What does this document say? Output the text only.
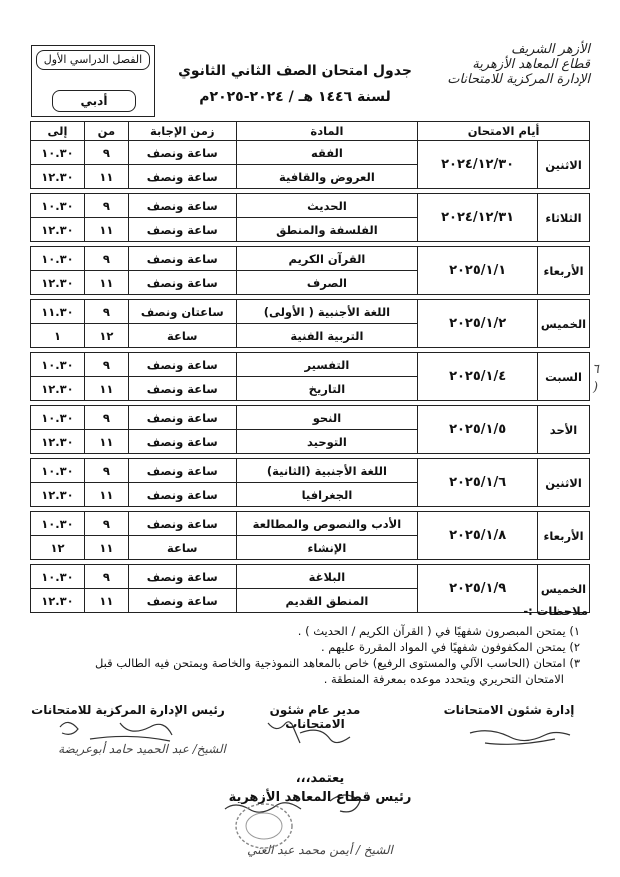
الأزهر الشريف
قطاع المعاهد الأزهرية
الإدارة المركزية للامتحانات
جدول امتحان الصف الثاني الثانوي
لسنة ١٤٤٦ هـ / ٢٠٢٤-٢٠٢٥م
الفصل الدراسي الأول
أدبي
أيام الامتحان		المادة	زمن الإجابة	من	إلى
الاثنين	٢٠٢٤/١٢/٣٠	الفقه	ساعة ونصف	٩	١٠.٣٠
		العروض والقافية	ساعة ونصف	١١	١٢.٣٠

الثلاثاء	٢٠٢٤/١٢/٣١	الحديث	ساعة ونصف	٩	١٠.٣٠
		الفلسفة والمنطق	ساعة ونصف	١١	١٢.٣٠

الأربعاء	٢٠٢٥/١/١	القرآن الكريم	ساعة ونصف	٩	١٠.٣٠
		الصرف	ساعة ونصف	١١	١٢.٣٠

الخميس	٢٠٢٥/١/٢	اللغة الأجنبية ( الأولى)	ساعتان ونصف	٩	١١.٣٠
		التربية الفنية	ساعة	١٢	١

السبت	٢٠٢٥/١/٤	التفسير	ساعة ونصف	٩	١٠.٣٠
		التاريخ	ساعة ونصف	١١	١٢.٣٠

الأحد	٢٠٢٥/١/٥	النحو	ساعة ونصف	٩	١٠.٣٠
		التوحيد	ساعة ونصف	١١	١٢.٣٠

الاثنين	٢٠٢٥/١/٦	اللغة الأجنبية (الثانية)	ساعة ونصف	٩	١٠.٣٠
		الجغرافيا	ساعة ونصف	١١	١٢.٣٠

الأربعاء	٢٠٢٥/١/٨	الأدب والنصوص والمطالعة	ساعة ونصف	٩	١٠.٣٠
		الإنشاء	ساعة	١١	١٢

الخميس	٢٠٢٥/١/٩	البلاغة	ساعة ونصف	٩	١٠.٣٠
		المنطق القديم	ساعة ونصف	١١	١٢.٣٠
٦
(
ملاحظات :-
١) يمتحن المبصرون شفهيًا في ( القرآن الكريم / الحديث ) .
٢) يمتحن المكفوفون شفهيًا في المواد المقررة عليهم .
٣) امتحان (الحاسب الآلي والمستوى الرفيع) خاص بالمعاهد النموذجية والخاصة ويمتحن فيه الطالب قبل
الامتحان التحريري ويتحدد موعده بمعرفة المنطقة .
إدارة شئون الامتحانات
مدير عام شئون الامتحانات
رئيس الإدارة المركزية للامتحانات
الشيخ/ عبد الحميد حامد أبوعريضة
يعتمد،،،
رئيس قطاع المعاهد الأزهرية
الشيخ / أيمن محمد عبد الغني
